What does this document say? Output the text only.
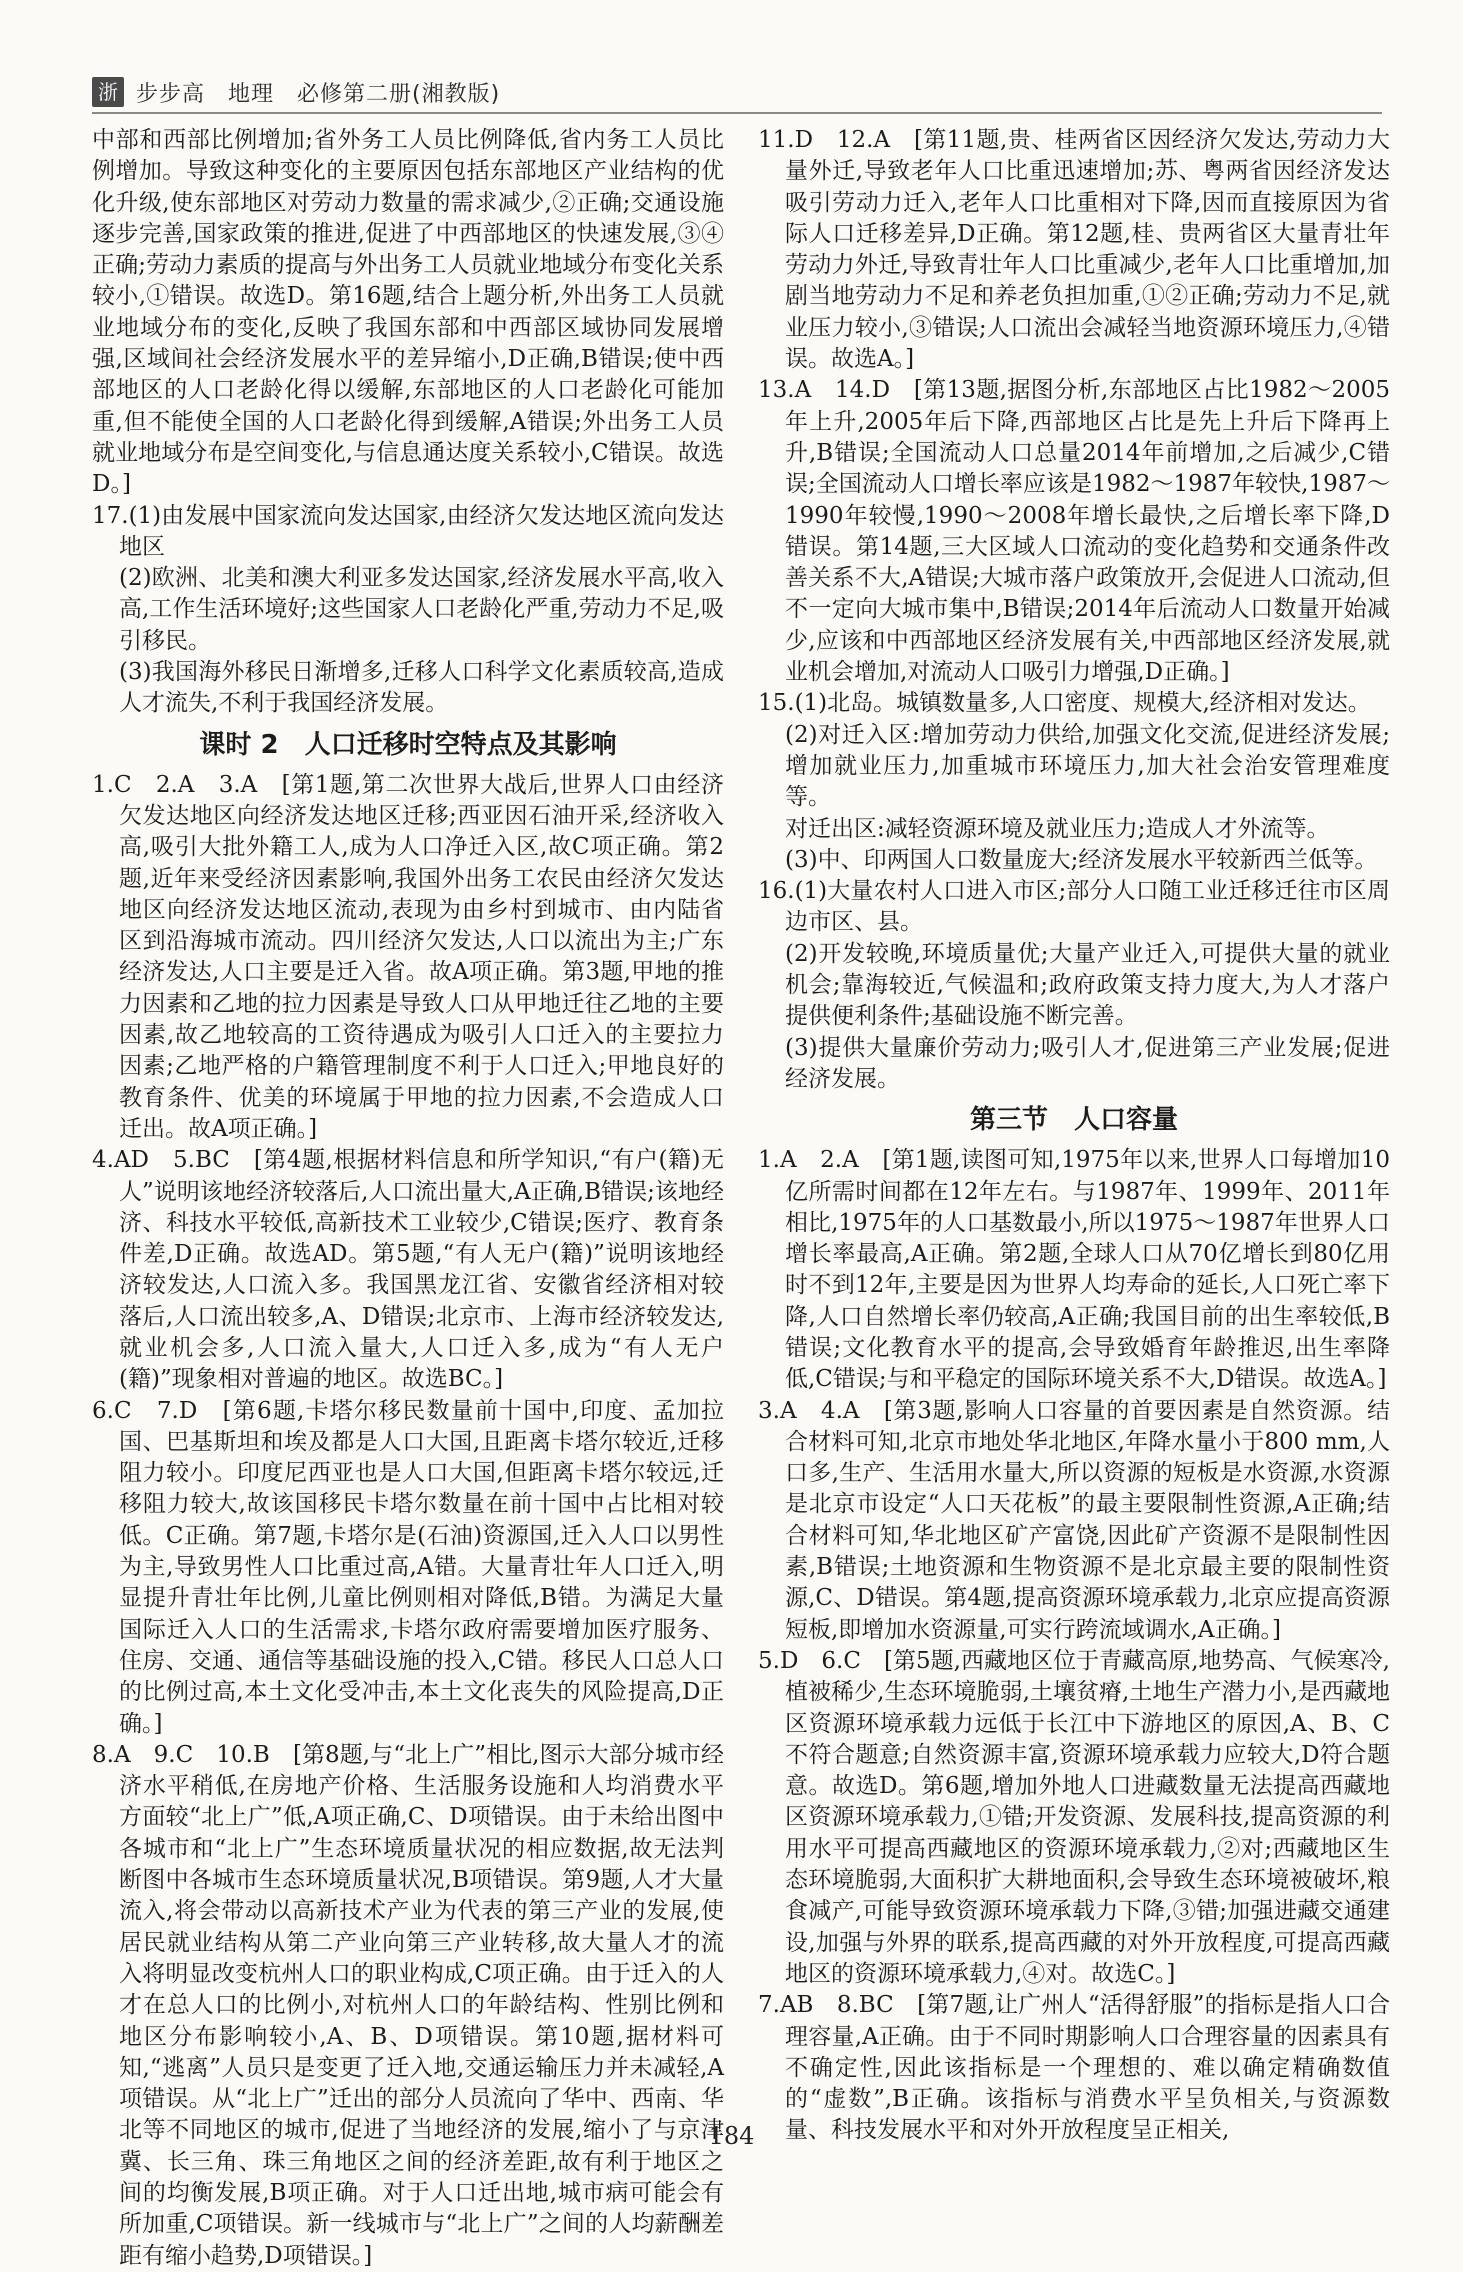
浙 步步高　地理　必修第二册(湘教版)

中部和西部比例增加;省外务工人员比例降低,省内务工人员比例增加。导致这种变化的主要原因包括东部地区产业结构的优化升级,使东部地区对劳动力数量的需求减少,②正确;交通设施逐步完善,国家政策的推进,促进了中西部地区的快速发展,③④正确;劳动力素质的提高与外出务工人员就业地域分布变化关系较小,①错误。故选D。第16题,结合上题分析,外出务工人员就业地域分布的变化,反映了我国东部和中西部区域协同发展增强,区域间社会经济发展水平的差异缩小,D正确,B错误;使中西部地区的人口老龄化得以缓解,东部地区的人口老龄化可能加重,但不能使全国的人口老龄化得到缓解,A错误;外出务工人员就业地域分布是空间变化,与信息通达度关系较小,C错误。故选D。]

17.(1)由发展中国家流向发达国家,由经济欠发达地区流向发达地区

(2)欧洲、北美和澳大利亚多发达国家,经济发展水平高,收入高,工作生活环境好;这些国家人口老龄化严重,劳动力不足,吸引移民。

(3)我国海外移民日渐增多,迁移人口科学文化素质较高,造成人才流失,不利于我国经济发展。

课时 2　人口迁移时空特点及其影响

1.C　2.A　3.A　[第1题,第二次世界大战后,世界人口由经济欠发达地区向经济发达地区迁移;西亚因石油开采,经济收入高,吸引大批外籍工人,成为人口净迁入区,故C项正确。第2题,近年来受经济因素影响,我国外出务工农民由经济欠发达地区向经济发达地区流动,表现为由乡村到城市、由内陆省区到沿海城市流动。四川经济欠发达,人口以流出为主;广东经济发达,人口主要是迁入省。故A项正确。第3题,甲地的推力因素和乙地的拉力因素是导致人口从甲地迁往乙地的主要因素,故乙地较高的工资待遇成为吸引人口迁入的主要拉力因素;乙地严格的户籍管理制度不利于人口迁入;甲地良好的教育条件、优美的环境属于甲地的拉力因素,不会造成人口迁出。故A项正确。]

4.AD　5.BC　[第4题,根据材料信息和所学知识,“有户(籍)无人”说明该地经济较落后,人口流出量大,A正确,B错误;该地经济、科技水平较低,高新技术工业较少,C错误;医疗、教育条件差,D正确。故选AD。第5题,“有人无户(籍)”说明该地经济较发达,人口流入多。我国黑龙江省、安徽省经济相对较落后,人口流出较多,A、D错误;北京市、上海市经济较发达,就业机会多,人口流入量大,人口迁入多,成为“有人无户(籍)”现象相对普遍的地区。故选BC。]

6.C　7.D　[第6题,卡塔尔移民数量前十国中,印度、孟加拉国、巴基斯坦和埃及都是人口大国,且距离卡塔尔较近,迁移阻力较小。印度尼西亚也是人口大国,但距离卡塔尔较远,迁移阻力较大,故该国移民卡塔尔数量在前十国中占比相对较低。C正确。第7题,卡塔尔是(石油)资源国,迁入人口以男性为主,导致男性人口比重过高,A错。大量青壮年人口迁入,明显提升青壮年比例,儿童比例则相对降低,B错。为满足大量国际迁入人口的生活需求,卡塔尔政府需要增加医疗服务、住房、交通、通信等基础设施的投入,C错。移民人口总人口的比例过高,本土文化受冲击,本土文化丧失的风险提高,D正确。]

8.A　9.C　10.B　[第8题,与“北上广”相比,图示大部分城市经济水平稍低,在房地产价格、生活服务设施和人均消费水平方面较“北上广”低,A项正确,C、D项错误。由于未给出图中各城市和“北上广”生态环境质量状况的相应数据,故无法判断图中各城市生态环境质量状况,B项错误。第9题,人才大量流入,将会带动以高新技术产业为代表的第三产业的发展,使居民就业结构从第二产业向第三产业转移,故大量人才的流入将明显改变杭州人口的职业构成,C项正确。由于迁入的人才在总人口的比例小,对杭州人口的年龄结构、性别比例和地区分布影响较小,A、B、D项错误。第10题,据材料可知,“逃离”人员只是变更了迁入地,交通运输压力并未减轻,A项错误。从“北上广”迁出的部分人员流向了华中、西南、华北等不同地区的城市,促进了当地经济的发展,缩小了与京津冀、长三角、珠三角地区之间的经济差距,故有利于地区之间的均衡发展,B项正确。对于人口迁出地,城市病可能会有所加重,C项错误。新一线城市与“北上广”之间的人均薪酬差距有缩小趋势,D项错误。]

11.D　12.A　[第11题,贵、桂两省区因经济欠发达,劳动力大量外迁,导致老年人口比重迅速增加;苏、粤两省因经济发达吸引劳动力迁入,老年人口比重相对下降,因而直接原因为省际人口迁移差异,D正确。第12题,桂、贵两省区大量青壮年劳动力外迁,导致青壮年人口比重减少,老年人口比重增加,加剧当地劳动力不足和养老负担加重,①②正确;劳动力不足,就业压力较小,③错误;人口流出会减轻当地资源环境压力,④错误。故选A。]

13.A　14.D　[第13题,据图分析,东部地区占比1982～2005年上升,2005年后下降,西部地区占比是先上升后下降再上升,B错误;全国流动人口总量2014年前增加,之后减少,C错误;全国流动人口增长率应该是1982～1987年较快,1987～1990年较慢,1990～2008年增长最快,之后增长率下降,D错误。第14题,三大区域人口流动的变化趋势和交通条件改善关系不大,A错误;大城市落户政策放开,会促进人口流动,但不一定向大城市集中,B错误;2014年后流动人口数量开始减少,应该和中西部地区经济发展有关,中西部地区经济发展,就业机会增加,对流动人口吸引力增强,D正确。]

15.(1)北岛。城镇数量多,人口密度、规模大,经济相对发达。

(2)对迁入区:增加劳动力供给,加强文化交流,促进经济发展;增加就业压力,加重城市环境压力,加大社会治安管理难度等。

对迁出区:减轻资源环境及就业压力;造成人才外流等。

(3)中、印两国人口数量庞大;经济发展水平较新西兰低等。

16.(1)大量农村人口进入市区;部分人口随工业迁移迁往市区周边市区、县。

(2)开发较晚,环境质量优;大量产业迁入,可提供大量的就业机会;靠海较近,气候温和;政府政策支持力度大,为人才落户提供便利条件;基础设施不断完善。

(3)提供大量廉价劳动力;吸引人才,促进第三产业发展;促进经济发展。

第三节　人口容量

1.A　2.A　[第1题,读图可知,1975年以来,世界人口每增加10亿所需时间都在12年左右。与1987年、1999年、2011年相比,1975年的人口基数最小,所以1975～1987年世界人口增长率最高,A正确。第2题,全球人口从70亿增长到80亿用时不到12年,主要是因为世界人均寿命的延长,人口死亡率下降,人口自然增长率仍较高,A正确;我国目前的出生率较低,B错误;文化教育水平的提高,会导致婚育年龄推迟,出生率降低,C错误;与和平稳定的国际环境关系不大,D错误。故选A。]

3.A　4.A　[第3题,影响人口容量的首要因素是自然资源。结合材料可知,北京市地处华北地区,年降水量小于800 mm,人口多,生产、生活用水量大,所以资源的短板是水资源,水资源是北京市设定“人口天花板”的最主要限制性资源,A正确;结合材料可知,华北地区矿产富饶,因此矿产资源不是限制性因素,B错误;土地资源和生物资源不是北京最主要的限制性资源,C、D错误。第4题,提高资源环境承载力,北京应提高资源短板,即增加水资源量,可实行跨流域调水,A正确。]

5.D　6.C　[第5题,西藏地区位于青藏高原,地势高、气候寒冷,植被稀少,生态环境脆弱,土壤贫瘠,土地生产潜力小,是西藏地区资源环境承载力远低于长江中下游地区的原因,A、B、C不符合题意;自然资源丰富,资源环境承载力应较大,D符合题意。故选D。第6题,增加外地人口进藏数量无法提高西藏地区资源环境承载力,①错;开发资源、发展科技,提高资源的利用水平可提高西藏地区的资源环境承载力,②对;西藏地区生态环境脆弱,大面积扩大耕地面积,会导致生态环境被破坏,粮食减产,可能导致资源环境承载力下降,③错;加强进藏交通建设,加强与外界的联系,提高西藏的对外开放程度,可提高西藏地区的资源环境承载力,④对。故选C。]

7.AB　8.BC　[第7题,让广州人“活得舒服”的指标是指人口合理容量,A正确。由于不同时期影响人口合理容量的因素具有不确定性,因此该指标是一个理想的、难以确定精确数值的“虚数”,B正确。该指标与消费水平呈负相关,与资源数量、科技发展水平和对外开放程度呈正相关,

184
